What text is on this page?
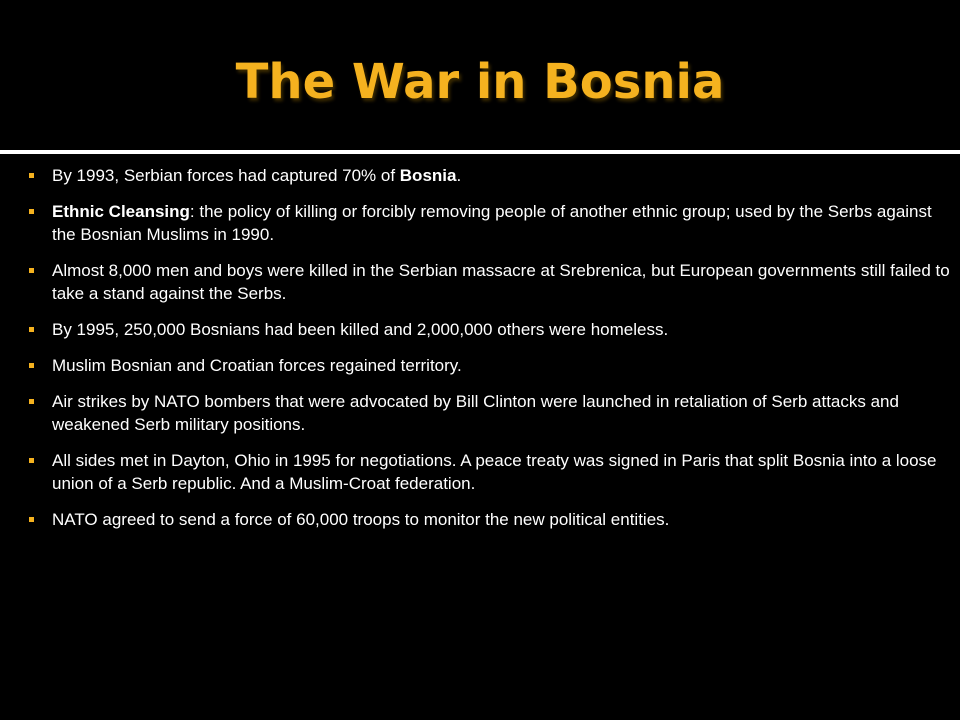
The War in Bosnia
By 1993, Serbian forces had captured 70% of Bosnia.
Ethnic Cleansing: the policy of killing or forcibly removing people of another ethnic group; used by the Serbs against the Bosnian Muslims in 1990.
Almost 8,000 men and boys were killed in the Serbian massacre at Srebrenica, but European governments still failed to take a stand against the Serbs.
By 1995, 250,000 Bosnians had been killed and 2,000,000 others were homeless.
Muslim Bosnian and Croatian forces regained territory.
Air strikes by NATO bombers that were advocated by Bill Clinton were launched in retaliation of Serb attacks and weakened Serb military positions.
All sides met in Dayton, Ohio in 1995 for negotiations. A peace treaty was signed in Paris that split Bosnia into a loose union of a Serb republic. And a Muslim-Croat federation.
NATO agreed to send a force of 60,000 troops to monitor the new political entities.
